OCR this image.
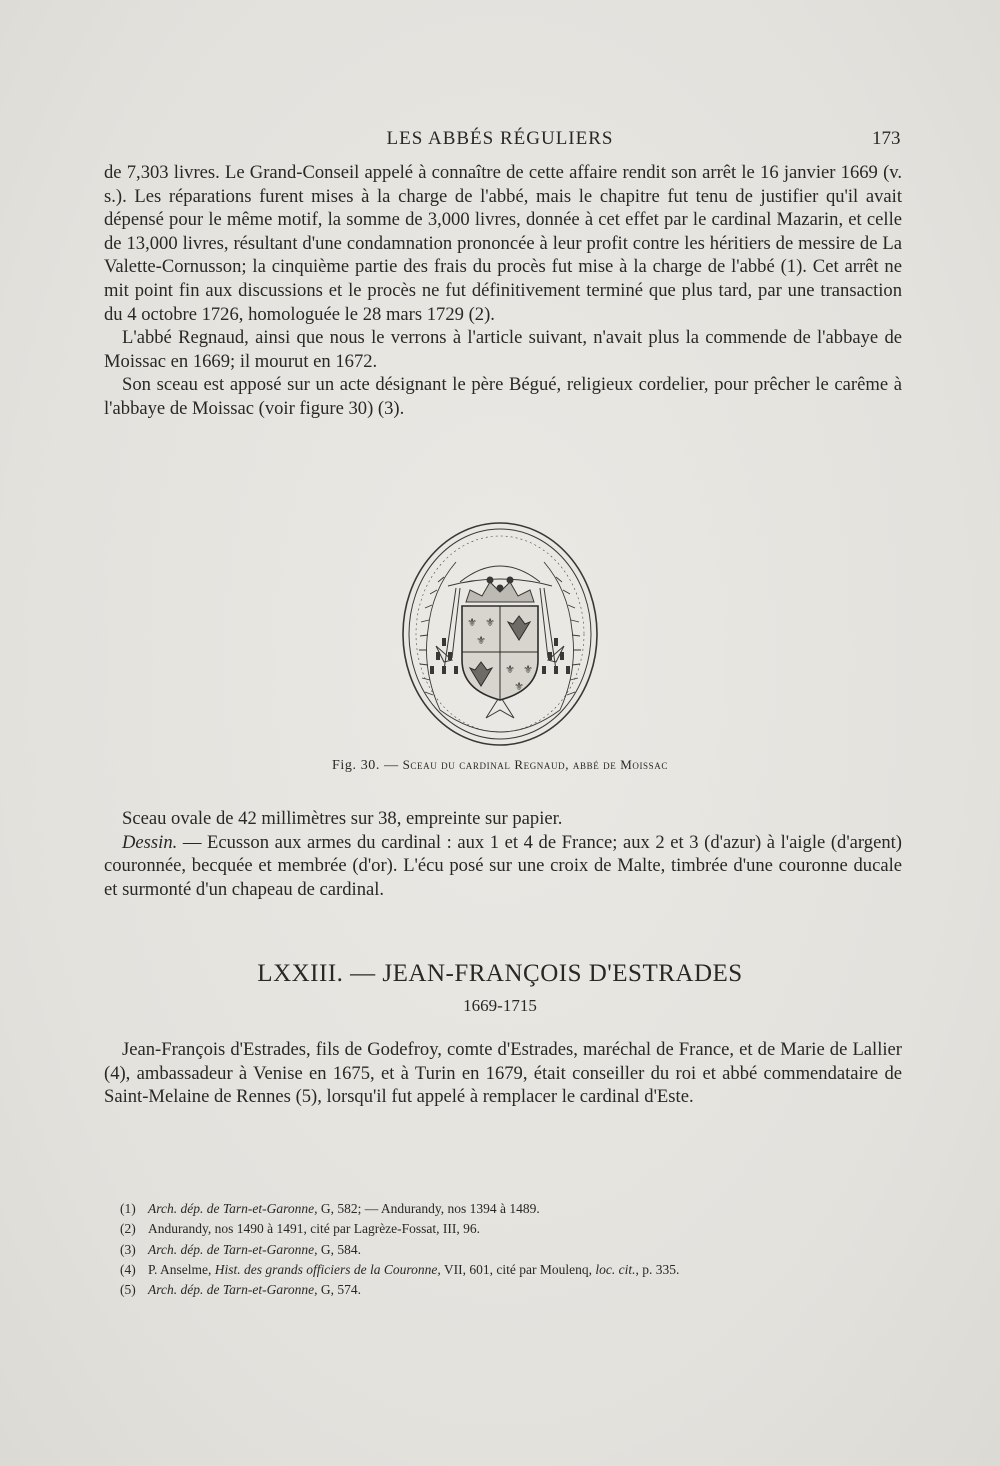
LES ABBÉS RÉGULIERS	173

de 7,303 livres. Le Grand-Conseil appelé à connaître de cette affaire rendit son arrêt le 16 janvier 1669 (v. s.). Les réparations furent mises à la charge de l'abbé, mais le chapitre fut tenu de justifier qu'il avait dépensé pour le même motif, la somme de 3,000 livres, donnée à cet effet par le cardinal Mazarin, et celle de 13,000 livres, résultant d'une condamnation prononcée à leur profit contre les héritiers de messire de La Valette-Cornusson; la cinquième partie des frais du procès fut mise à la charge de l'abbé (1). Cet arrêt ne mit point fin aux discussions et le procès ne fut définitivement terminé que plus tard, par une transaction du 4 octobre 1726, homologuée le 28 mars 1729 (2).

L'abbé Regnaud, ainsi que nous le verrons à l'article suivant, n'avait plus la commende de l'abbaye de Moissac en 1669; il mourut en 1672.

Son sceau est apposé sur un acte désignant le père Bégué, religieux cordelier, pour prêcher le carême à l'abbaye de Moissac (voir figure 30) (3).

⚜ ⚜
⚜
⚜ ⚜
⚜
Fig. 30. — Sceau du cardinal Regnaud, abbé de Moissac

Sceau ovale de 42 millimètres sur 38, empreinte sur papier.

Dessin. — Ecusson aux armes du cardinal : aux 1 et 4 de France; aux 2 et 3 (d'azur) à l'aigle (d'argent) couronnée, becquée et membrée (d'or). L'écu posé sur une croix de Malte, timbrée d'une couronne ducale et surmonté d'un chapeau de cardinal.

LXXIII. — JEAN-FRANÇOIS D'ESTRADES
1669-1715

Jean-François d'Estrades, fils de Godefroy, comte d'Estrades, maréchal de France, et de Marie de Lallier (4), ambassadeur à Venise en 1675, et à Turin en 1679, était conseiller du roi et abbé commendataire de Saint-Melaine de Rennes (5), lorsqu'il fut appelé à remplacer le cardinal d'Este.

(1) Arch. dép. de Tarn-et-Garonne, G, 582; — Andurandy, nos 1394 à 1489.
(2) Andurandy, nos 1490 à 1491, cité par Lagrèze-Fossat, III, 96.
(3) Arch. dép. de Tarn-et-Garonne, G, 584.
(4) P. Anselme, Hist. des grands officiers de la Couronne, VII, 601, cité par Moulenq, loc. cit., p. 335.
(5) Arch. dép. de Tarn-et-Garonne, G, 574.
